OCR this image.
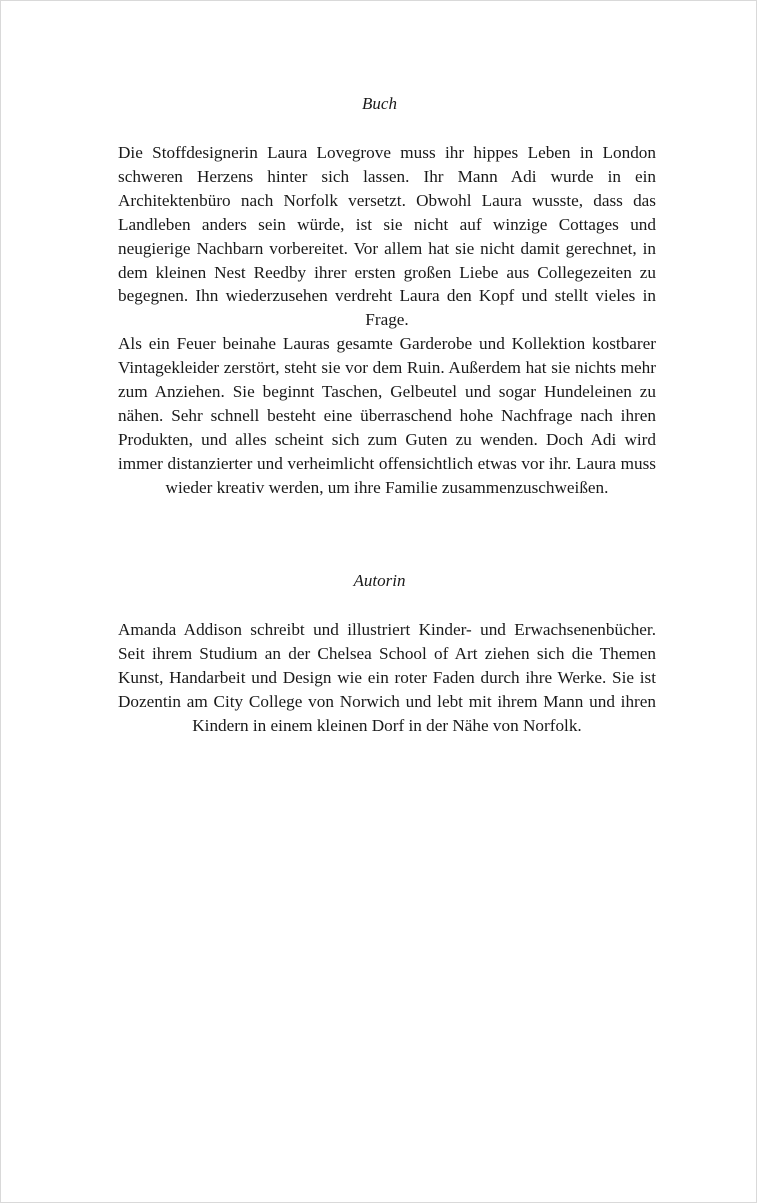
Buch

Die Stoffdesignerin Laura Lovegrove muss ihr hippes Leben in London schweren Herzens hinter sich lassen. Ihr Mann Adi wurde in ein Architektenbüro nach Norfolk versetzt. Obwohl Laura wusste, dass das Landleben anders sein würde, ist sie nicht auf winzige Cottages und neugierige Nachbarn vorbereitet. Vor allem hat sie nicht damit gerechnet, in dem kleinen Nest Reedby ihrer ersten großen Liebe aus Collegezeiten zu begegnen. Ihn wiederzusehen verdreht Laura den Kopf und stellt vieles in Frage.

Als ein Feuer beinahe Lauras gesamte Garderobe und Kollektion kostbarer Vintagekleider zerstört, steht sie vor dem Ruin. Außerdem hat sie nichts mehr zum Anziehen. Sie beginnt Taschen, Gelbeutel und sogar Hundeleinen zu nähen. Sehr schnell besteht eine überraschend hohe Nachfrage nach ihren Produkten, und alles scheint sich zum Guten zu wenden. Doch Adi wird immer distanzierter und verheimlicht offensichtlich etwas vor ihr. Laura muss wieder kreativ werden, um ihre Familie zusammenzuschweißen.

Autorin

Amanda Addison schreibt und illustriert Kinder- und Erwachsenenbücher. Seit ihrem Studium an der Chelsea School of Art ziehen sich die Themen Kunst, Handarbeit und Design wie ein roter Faden durch ihre Werke. Sie ist Dozentin am City College von Norwich und lebt mit ihrem Mann und ihren Kindern in einem kleinen Dorf in der Nähe von Norfolk.
